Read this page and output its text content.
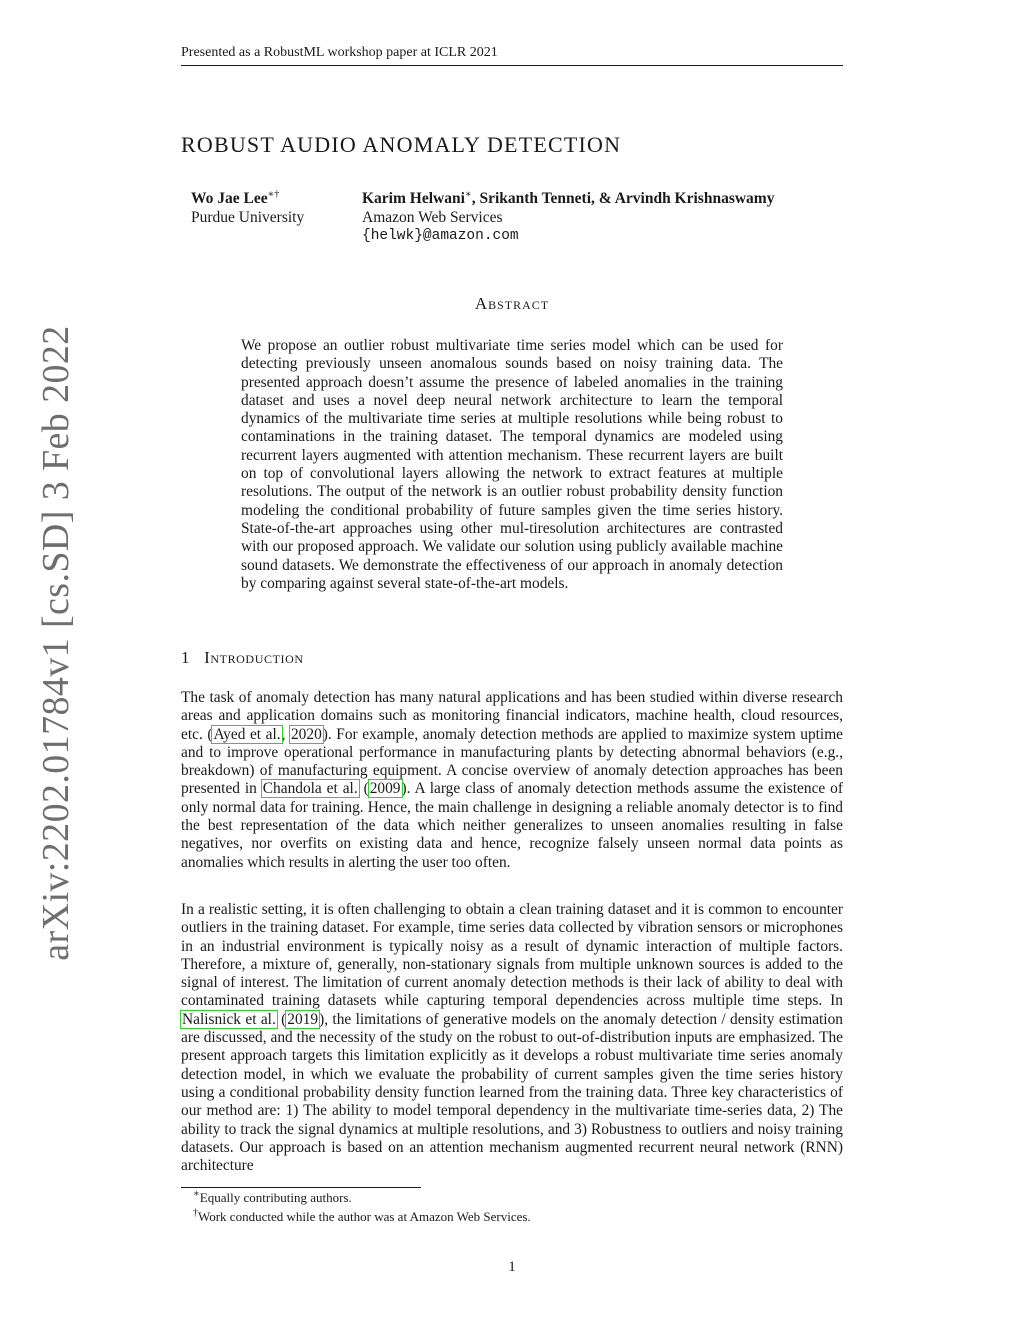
Presented as a RobustML workshop paper at ICLR 2021
ROBUST AUDIO ANOMALY DETECTION
Wo Jae Lee∗†
Purdue University
Karim Helwani∗, Srikanth Tenneti, & Arvindh Krishnaswamy
Amazon Web Services
{helwk}@amazon.com
Abstract
We propose an outlier robust multivariate time series model which can be used for detecting previously unseen anomalous sounds based on noisy training data. The presented approach doesn’t assume the presence of labeled anomalies in the training dataset and uses a novel deep neural network architecture to learn the temporal dynamics of the multivariate time series at multiple resolutions while being robust to contaminations in the training dataset. The temporal dynamics are modeled using recurrent layers augmented with attention mechanism. These recurrent layers are built on top of convolutional layers allowing the network to extract features at multiple resolutions. The output of the network is an outlier robust probability density function modeling the conditional probability of future samples given the time series history. State-of-the-art approaches using other mul-tiresolution architectures are contrasted with our proposed approach. We validate our solution using publicly available machine sound datasets. We demonstrate the effectiveness of our approach in anomaly detection by comparing against several state-of-the-art models.
1 Introduction
The task of anomaly detection has many natural applications and has been studied within diverse research areas and application domains such as monitoring financial indicators, machine health, cloud resources, etc. (Ayed et al., 2020). For example, anomaly detection methods are applied to maximize system uptime and to improve operational performance in manufacturing plants by detecting abnormal behaviors (e.g., breakdown) of manufacturing equipment. A concise overview of anomaly detection approaches has been presented in Chandola et al. (2009). A large class of anomaly detection methods assume the existence of only normal data for training. Hence, the main challenge in designing a reliable anomaly detector is to find the best representation of the data which neither generalizes to unseen anomalies resulting in false negatives, nor overfits on existing data and hence, recognize falsely unseen normal data points as anomalies which results in alerting the user too often.
In a realistic setting, it is often challenging to obtain a clean training dataset and it is common to encounter outliers in the training dataset. For example, time series data collected by vibration sensors or microphones in an industrial environment is typically noisy as a result of dynamic interaction of multiple factors. Therefore, a mixture of, generally, non-stationary signals from multiple unknown sources is added to the signal of interest. The limitation of current anomaly detection methods is their lack of ability to deal with contaminated training datasets while capturing temporal dependencies across multiple time steps. In Nalisnick et al. (2019), the limitations of generative models on the anomaly detection / density estimation are discussed, and the necessity of the study on the robust to out-of-distribution inputs are emphasized. The present approach targets this limitation explicitly as it develops a robust multivariate time series anomaly detection model, in which we evaluate the probability of current samples given the time series history using a conditional probability density function learned from the training data. Three key characteristics of our method are: 1) The ability to model temporal dependency in the multivariate time-series data, 2) The ability to track the signal dynamics at multiple resolutions, and 3) Robustness to outliers and noisy training datasets. Our approach is based on an attention mechanism augmented recurrent neural network (RNN) architecture
∗Equally contributing authors.
†Work conducted while the author was at Amazon Web Services.
1
arXiv:2202.01784v1 [cs.SD] 3 Feb 2022
